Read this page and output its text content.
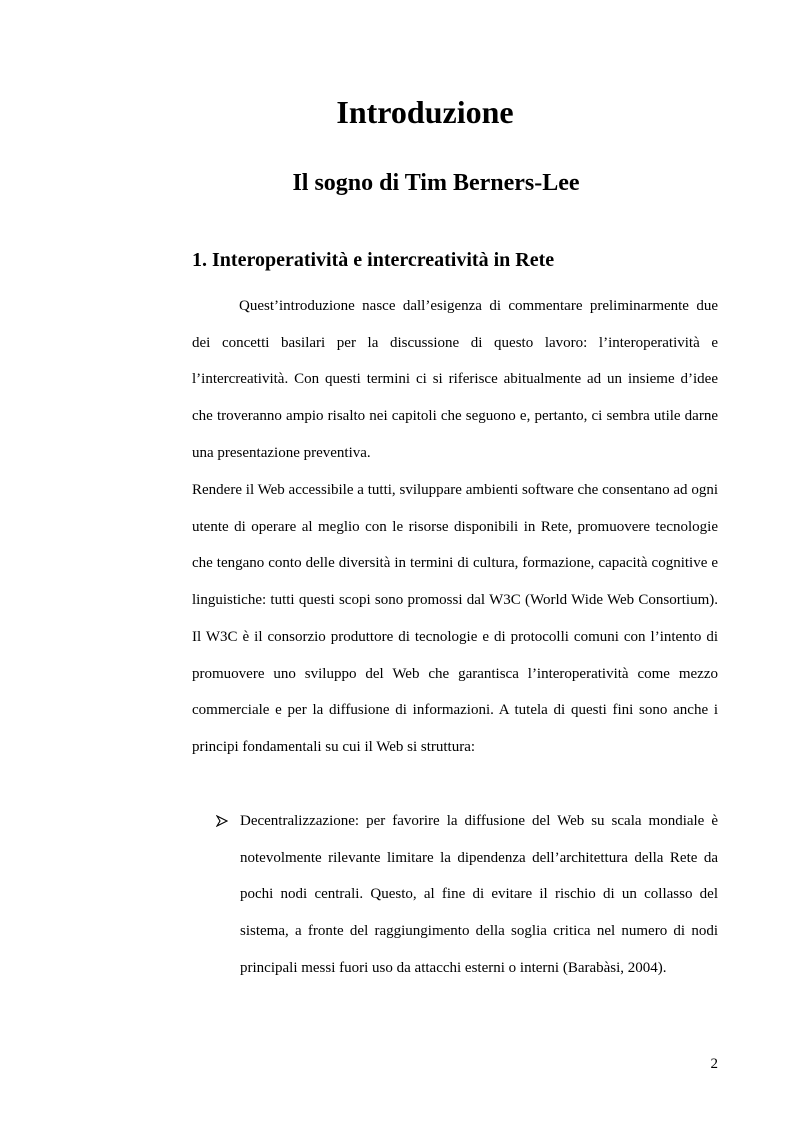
Introduzione
Il sogno di Tim Berners-Lee
1. Interoperatività e intercreatività in Rete

Quest’introduzione nasce dall’esigenza di commentare preliminarmente due dei concetti basilari per la discussione di questo lavoro: l’interoperatività e l’intercreatività. Con questi termini ci si riferisce abitualmente ad un insieme d’idee che troveranno ampio risalto nei capitoli che seguono e, pertanto, ci sembra utile darne una presentazione preventiva.

Rendere il Web accessibile a tutti, sviluppare ambienti software che consentano ad ogni utente di operare al meglio con le risorse disponibili in Rete, promuovere tecnologie che tengano conto delle diversità in termini di cultura, formazione, capacità cognitive e linguistiche: tutti questi scopi sono promossi dal W3C (World Wide Web Consortium). Il W3C è il consorzio produttore di tecnologie e di protocolli comuni con l’intento di promuovere uno sviluppo del Web che garantisca l’interoperatività come mezzo commerciale e per la diffusione di informazioni. A tutela di questi fini sono anche i principi fondamentali su cui il Web si struttura:

Decentralizzazione: per favorire la diffusione del Web su scala mondiale è notevolmente rilevante limitare la dipendenza dell’architettura della Rete da pochi nodi centrali. Questo, al fine di evitare il rischio di un collasso del sistema, a fronte del raggiungimento della soglia critica nel numero di nodi principali messi fuori uso da attacchi esterni o interni (Barabàsi, 2004).

2
